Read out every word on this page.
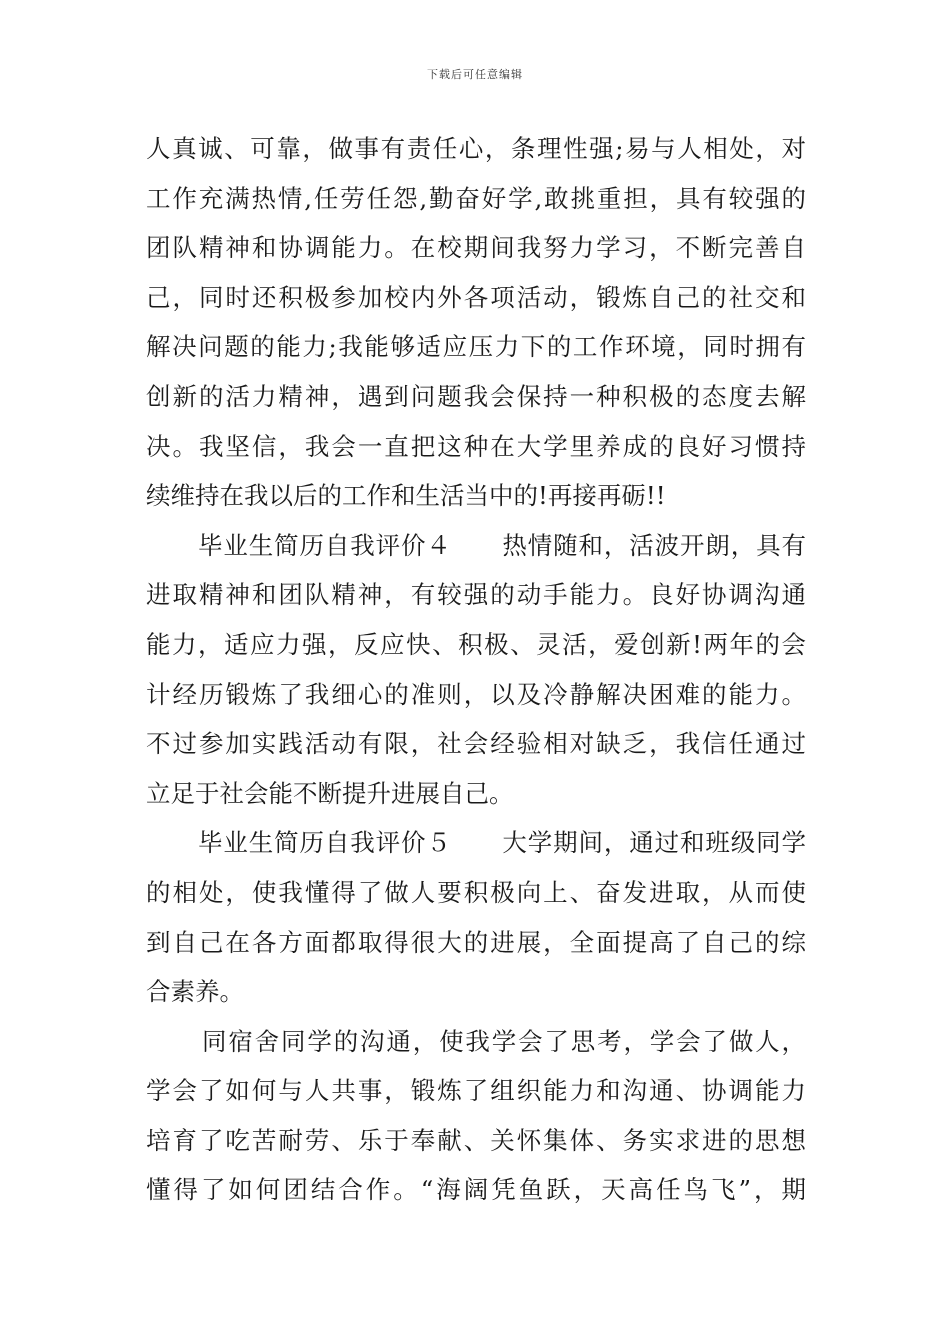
下载后可任意编辑
人真诚、可靠，做事有责任心，条理性强;易与人相处，对
工作充满热情,任劳任怨,勤奋好学,敢挑重担，具有较强的
团队精神和协调能力。在校期间我努力学习，不断完善自
己，同时还积极参加校内外各项活动，锻炼自己的社交和
解决问题的能力;我能够适应压力下的工作环境，同时拥有
创新的活力精神，遇到问题我会保持一种积极的态度去解
决。我坚信，我会一直把这种在大学里养成的良好习惯持
续维持在我以后的工作和生活当中的!再接再砺!!
毕业生简历自我评价４　　热情随和，活波开朗，具有
进取精神和团队精神，有较强的动手能力。良好协调沟通
能力，适应力强，反应快、积极、灵活，爱创新!两年的会
计经历锻炼了我细心的准则，以及冷静解决困难的能力。
不过参加实践活动有限，社会经验相对缺乏，我信任通过
立足于社会能不断提升进展自己。
毕业生简历自我评价５　　大学期间，通过和班级同学
的相处，使我懂得了做人要积极向上、奋发进取，从而使
到自己在各方面都取得很大的进展，全面提高了自己的综
合素养。
同宿舍同学的沟通，使我学会了思考，学会了做人，
学会了如何与人共事，锻炼了组织能力和沟通、协调能力
培育了吃苦耐劳、乐于奉献、关怀集体、务实求进的思想
懂得了如何团结合作。“海阔凭鱼跃，天高任鸟飞”，期
